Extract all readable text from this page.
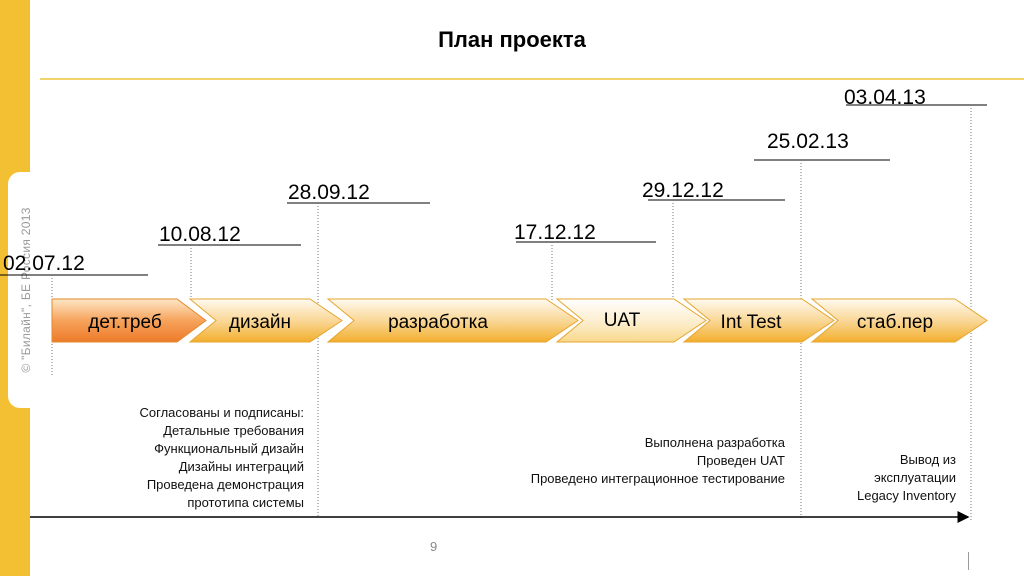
© "Билайн", БЕ Россия 2013
План проекта
02.07.12
10.08.12
28.09.12
17.12.12
29.12.12
25.02.13
03.04.13
дет.треб	дизайн	разработка	UAT	Int Test	стаб.пер
Согласованы и подписаны:
Детальные требования
Функциональный дизайн
Дизайны интеграций
Проведена демонстрация
прототипа системы
Выполнена разработка
Проведен UAT
Проведено интеграционное тестирование
Вывод из
эксплуатации
Legacy Inventory
9
